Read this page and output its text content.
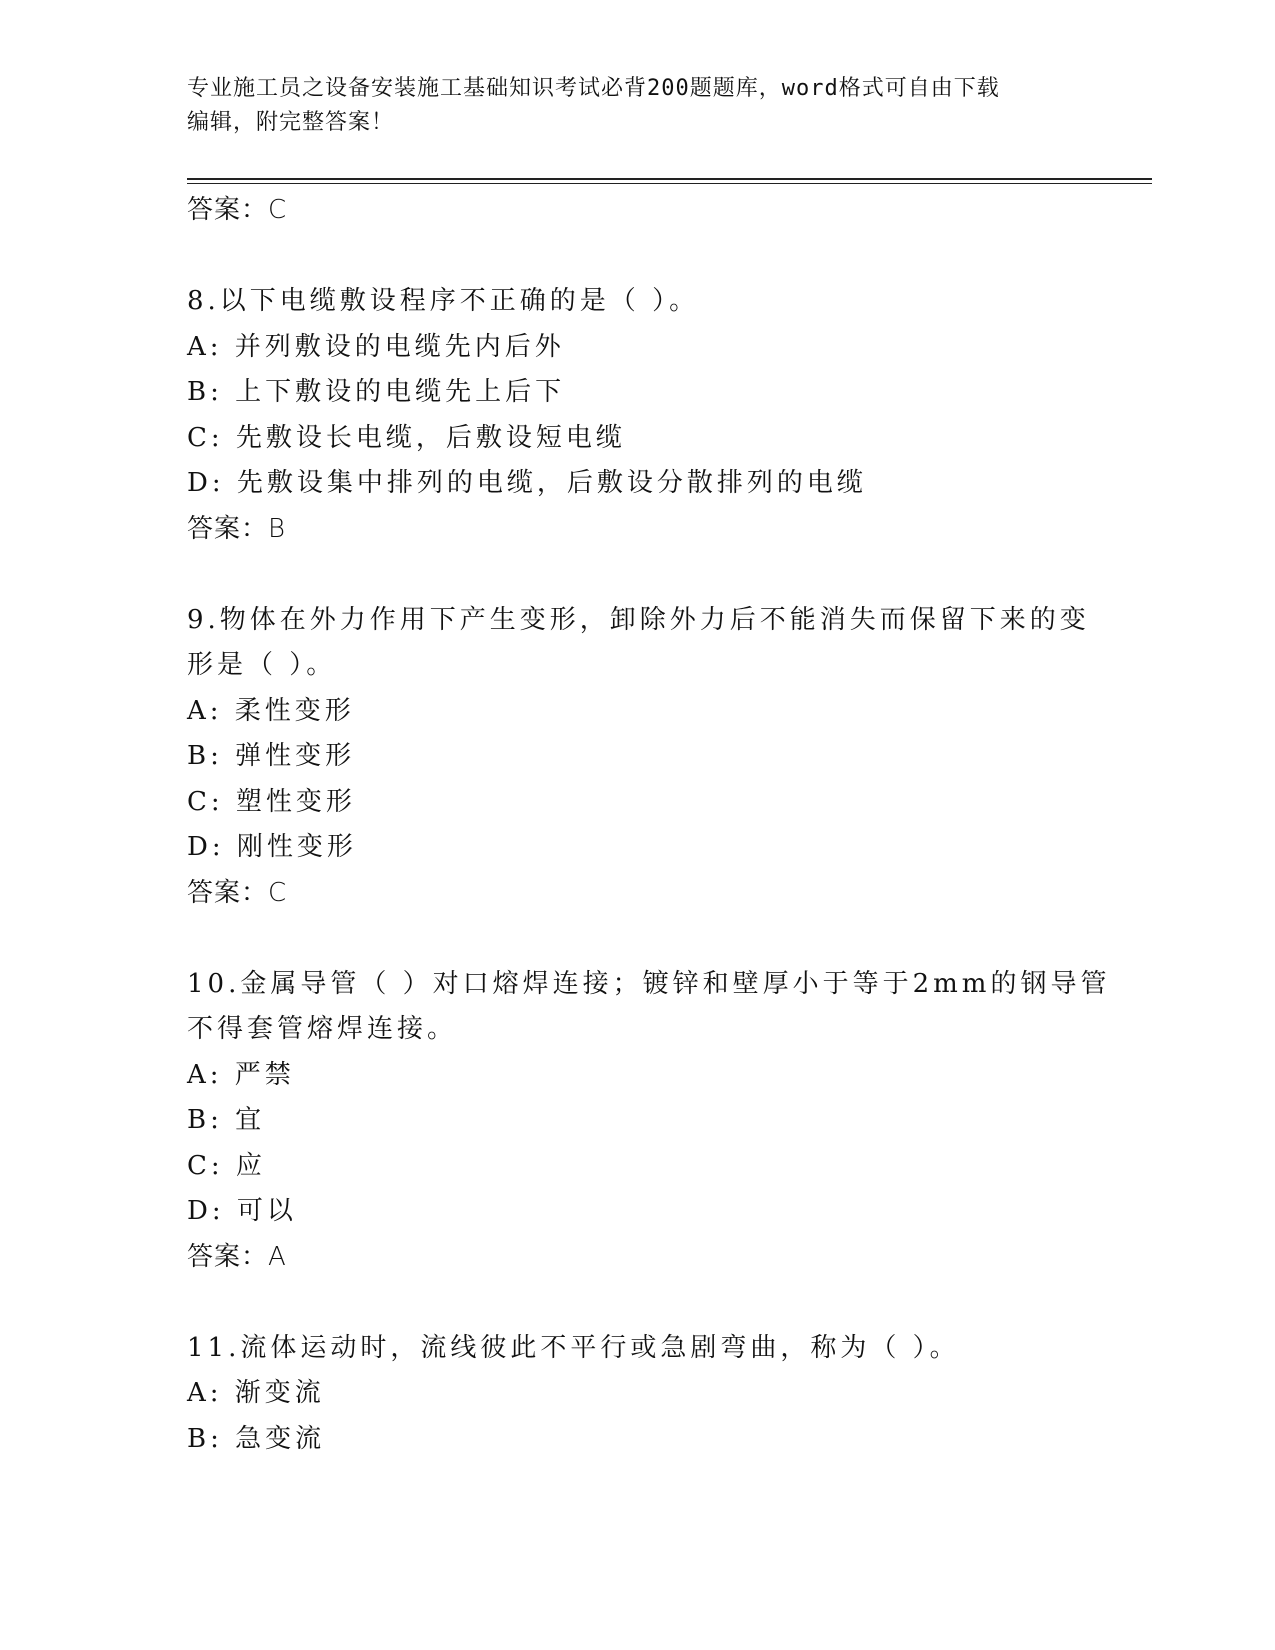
专业施工员之设备安装施工基础知识考试必背200题题库，word格式可自由下载
编辑，附完整答案！
答案：C
8.以下电缆敷设程序不正确的是（ ）。
A: 并列敷设的电缆先内后外
B: 上下敷设的电缆先上后下
C: 先敷设长电缆，后敷设短电缆
D: 先敷设集中排列的电缆，后敷设分散排列的电缆
答案：B
9.物体在外力作用下产生变形，卸除外力后不能消失而保留下来的变
形是（ ）。
A: 柔性变形
B: 弹性变形
C: 塑性变形
D: 刚性变形
答案：C
10.金属导管（ ）对口熔焊连接；镀锌和壁厚小于等于2mm的钢导管
不得套管熔焊连接。
A: 严禁
B: 宜
C: 应
D: 可以
答案：A
11.流体运动时，流线彼此不平行或急剧弯曲，称为（ ）。
A: 渐变流
B: 急变流
